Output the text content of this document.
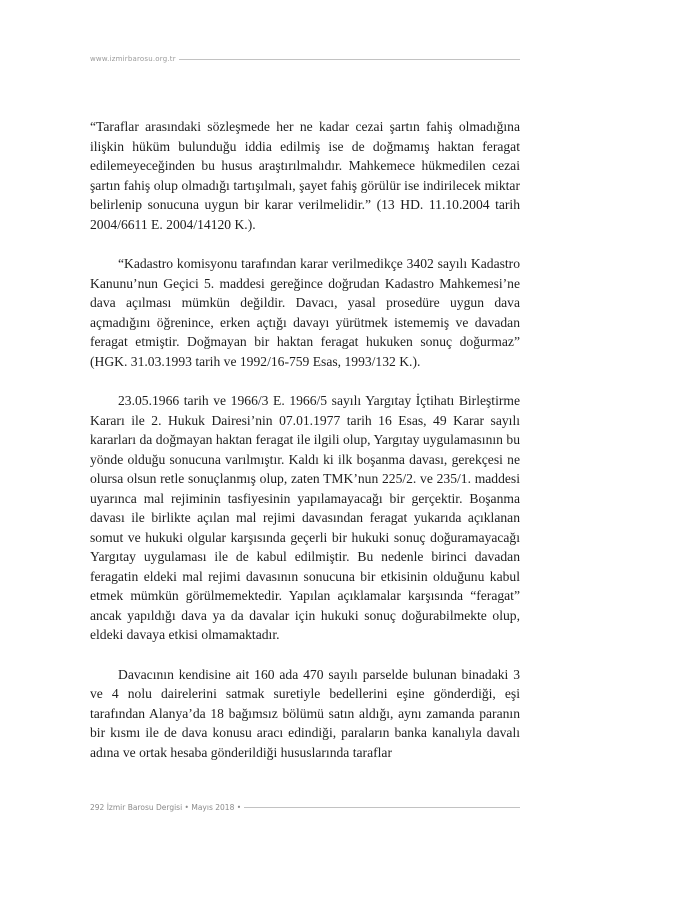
www.izmirbarosu.org.tr

“Taraflar arasındaki sözleşmede her ne kadar cezai şartın fahiş olmadığına ilişkin hüküm bulunduğu iddia edilmiş ise de doğmamış haktan feragat edilemeyeceğinden bu husus araştırılmalıdır. Mahkemece hükmedilen cezai şartın fahiş olup olmadığı tartışılmalı, şayet fahiş görülür ise indirilecek miktar belirlenip sonucuna uygun bir karar verilmelidir.” (13 HD. 11.10.2004 tarih 2004/6611 E. 2004/14120 K.).

“Kadastro komisyonu tarafından karar verilmedikçe 3402 sayılı Kadastro Kanunu’nun Geçici 5. maddesi gereğince doğrudan Kadastro Mahkemesi’ne dava açılması mümkün değildir. Davacı, yasal prosedüre uygun dava açmadığını öğrenince, erken açtığı davayı yürütmek istememiş ve davadan feragat etmiştir. Doğmayan bir haktan feragat hukuken sonuç doğurmaz” (HGK. 31.03.1993 tarih ve 1992/16-759 Esas, 1993/132 K.).

23.05.1966 tarih ve 1966/3 E. 1966/5 sayılı Yargıtay İçtihatı Birleştirme Kararı ile 2. Hukuk Dairesi’nin 07.01.1977 tarih 16 Esas, 49 Karar sayılı kararları da doğmayan haktan feragat ile ilgili olup, Yargıtay uygulamasının bu yönde olduğu sonucuna varılmıştır. Kaldı ki ilk boşanma davası, gerekçesi ne olursa olsun retle sonuçlanmış olup, zaten TMK’nun 225/2. ve 235/1. maddesi uyarınca mal rejiminin tasfiyesinin yapılamayacağı bir gerçektir. Boşanma davası ile birlikte açılan mal rejimi davasından feragat yukarıda açıklanan somut ve hukuki olgular karşısında geçerli bir hukuki sonuç doğuramayacağı Yargıtay uygulaması ile de kabul edilmiştir. Bu nedenle birinci davadan feragatin eldeki mal rejimi davasının sonucuna bir etkisinin olduğunu kabul etmek mümkün görülmemektedir. Yapılan açıklamalar karşısında “feragat” ancak yapıldığı dava ya da davalar için hukuki sonuç doğurabilmekte olup, eldeki davaya etkisi olmamaktadır.

Davacının kendisine ait 160 ada 470 sayılı parselde bulunan binadaki 3 ve 4 nolu dairelerini satmak suretiyle bedellerini eşine gönderdiği, eşi tarafından Alanya’da 18 bağımsız bölümü satın aldığı, aynı zamanda paranın bir kısmı ile de dava konusu aracı edindiği, paraların banka kanalıyla davalı adına ve ortak hesaba gönderildiği hususlarında taraflar

292 İzmir Barosu Dergisi • Mayıs 2018 •
